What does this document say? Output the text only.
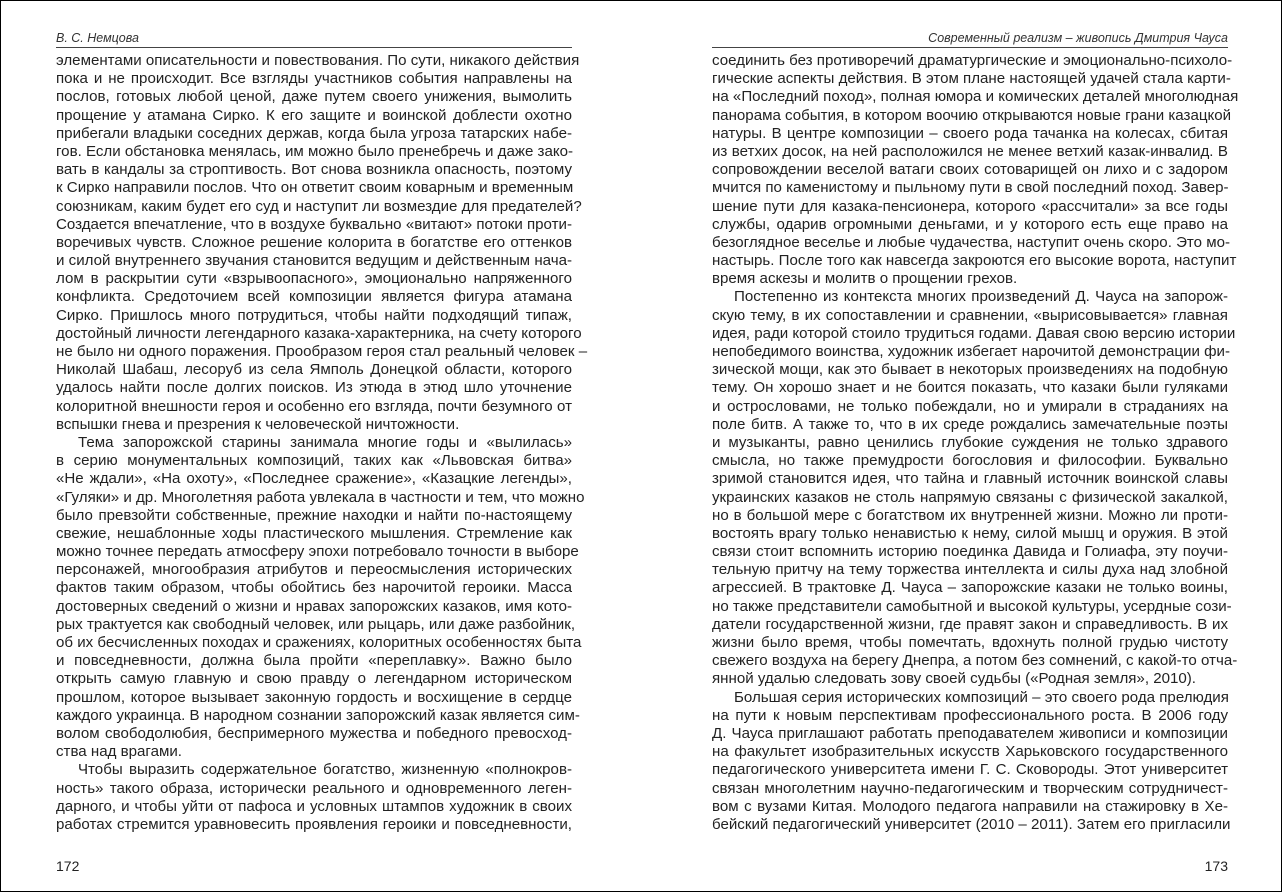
В. С. Немцова
элементами описательности и повествования. По сути, никакого действия
пока и не происходит. Все взгляды участников события направлены на
послов, готовых любой ценой, даже путем своего унижения, вымолить
прощение у атамана Сирко. К его защите и воинской доблести охотно
прибегали владыки соседних держав, когда была угроза татарских набе-
гов. Если обстановка менялась, им можно было пренебречь и даже зако-
вать в кандалы за строптивость. Вот снова возникла опасность, поэтому
к Сирко направили послов. Что он ответит своим коварным и временным
союзникам, каким будет его суд и наступит ли возмездие для предателей?
Создается впечатление, что в воздухе буквально «витают» потоки проти-
воречивых чувств. Сложное решение колорита в богатстве его оттенков
и силой внутреннего звучания становится ведущим и действенным нача-
лом в раскрытии сути «взрывоопасного», эмоционально напряженного
конфликта. Средоточием всей композиции является фигура атамана
Сирко. Пришлось много потрудиться, чтобы найти подходящий типаж,
достойный личности легендарного казака-характерника, на счету которого
не было ни одного поражения. Прообразом героя стал реальный человек –
Николай Шабаш, лесоруб из села Ямполь Донецкой области, которого
удалось найти после долгих поисков. Из этюда в этюд шло уточнение
колоритной внешности героя и особенно его взгляда, почти безумного от
вспышки гнева и презрения к человеческой ничтожности.
Тема запорожской старины занимала многие годы и «вылилась»
в серию монументальных композиций, таких как «Львовская битва»
«Не ждали», «На охоту», «Последнее сражение», «Казацкие легенды»,
«Гуляки» и др. Многолетняя работа увлекала в частности и тем, что можно
было превзойти собственные, прежние находки и найти по-настоящему
свежие, нешаблонные ходы пластического мышления. Стремление как
можно точнее передать атмосферу эпохи потребовало точности в выборе
персонажей, многообразия атрибутов и переосмысления исторических
фактов таким образом, чтобы обойтись без нарочитой героики. Масса
достоверных сведений о жизни и нравах запорожских казаков, имя кото-
рых трактуется как свободный человек, или рыцарь, или даже разбойник,
об их бесчисленных походах и сражениях, колоритных особенностях быта
и повседневности, должна была пройти «переплавку». Важно было
открыть самую главную и свою правду о легендарном историческом
прошлом, которое вызывает законную гордость и восхищение в сердце
каждого украинца. В народном сознании запорожский казак является сим-
волом свободолюбия, беспримерного мужества и победного превосход-
ства над врагами.
Чтобы выразить содержательное богатство, жизненную «полнокров-
ность» такого образа, исторически реального и одновременного леген-
дарного, и чтобы уйти от пафоса и условных штампов художник в своих
работах стремится уравновесить проявления героики и повседневности,
172
Современный реализм – живопись Дмитрия Чауса
соединить без противоречий драматургические и эмоционально-психоло-
гические аспекты действия. В этом плане настоящей удачей стала карти-
на «Последний поход», полная юмора и комических деталей многолюдная
панорама события, в котором воочию открываются новые грани казацкой
натуры. В центре композиции – своего рода тачанка на колесах, сбитая
из ветхих досок, на ней расположился не менее ветхий казак-инвалид. В
сопровождении веселой ватаги своих сотоварищей он лихо и с задором
мчится по каменистому и пыльному пути в свой последний поход. Завер-
шение пути для казака-пенсионера, которого «рассчитали» за все годы
службы, одарив огромными деньгами, и у которого есть еще право на
безоглядное веселье и любые чудачества, наступит очень скоро. Это мо-
настырь. После того как навсегда закроются его высокие ворота, наступит
время аскезы и молитв о прощении грехов.
Постепенно из контекста многих произведений Д. Чауса на запорож-
скую тему, в их сопоставлении и сравнении, «вырисовывается» главная
идея, ради которой стоило трудиться годами. Давая свою версию истории
непобедимого воинства, художник избегает нарочитой демонстрации фи-
зической мощи, как это бывает в некоторых произведениях на подобную
тему. Он хорошо знает и не боится показать, что казаки были гуляками
и остроcловами, не только побеждали, но и умирали в страданиях на
поле битв. А также то, что в их среде рождались замечательные поэты
и музыканты, равно ценились глубокие суждения не только здравого
смысла, но также премудрости богословия и философии. Буквально
зримой становится идея, что тайна и главный источник воинской славы
украинских казаков не столь напрямую связаны с физической закалкой,
но в большой мере с богатством их внутренней жизни. Можно ли проти-
востоять врагу только ненавистью к нему, силой мышц и оружия. В этой
связи стоит вспомнить историю поединка Давида и Голиафа, эту поучи-
тельную притчу на тему торжества интеллекта и силы духа над злобной
агрессией. В трактовке Д. Чауса – запорожские казаки не только воины,
но также представители самобытной и высокой культуры, усердные сози-
датели государственной жизни, где правят закон и справедливость. В их
жизни было время, чтобы помечтать, вдохнуть полной грудью чистоту
свежего воздуха на берегу Днепра, а потом без сомнений, с какой-то отча-
янной удалью следовать зову своей судьбы («Родная земля», 2010).
Большая серия исторических композиций – это своего рода прелюдия
на пути к новым перспективам профессионального роста. В 2006 году
Д. Чауса приглашают работать преподавателем живописи и композиции
на факультет изобразительных искусств Харьковского государственного
педагогического университета имени Г. С. Сковороды. Этот университет
связан многолетним научно-педагогическим и творческим сотрудничест-
вом с вузами Китая. Молодого педагога направили на стажировку в Хе-
бейский педагогический университет (2010 – 2011). Затем его пригласили
173
